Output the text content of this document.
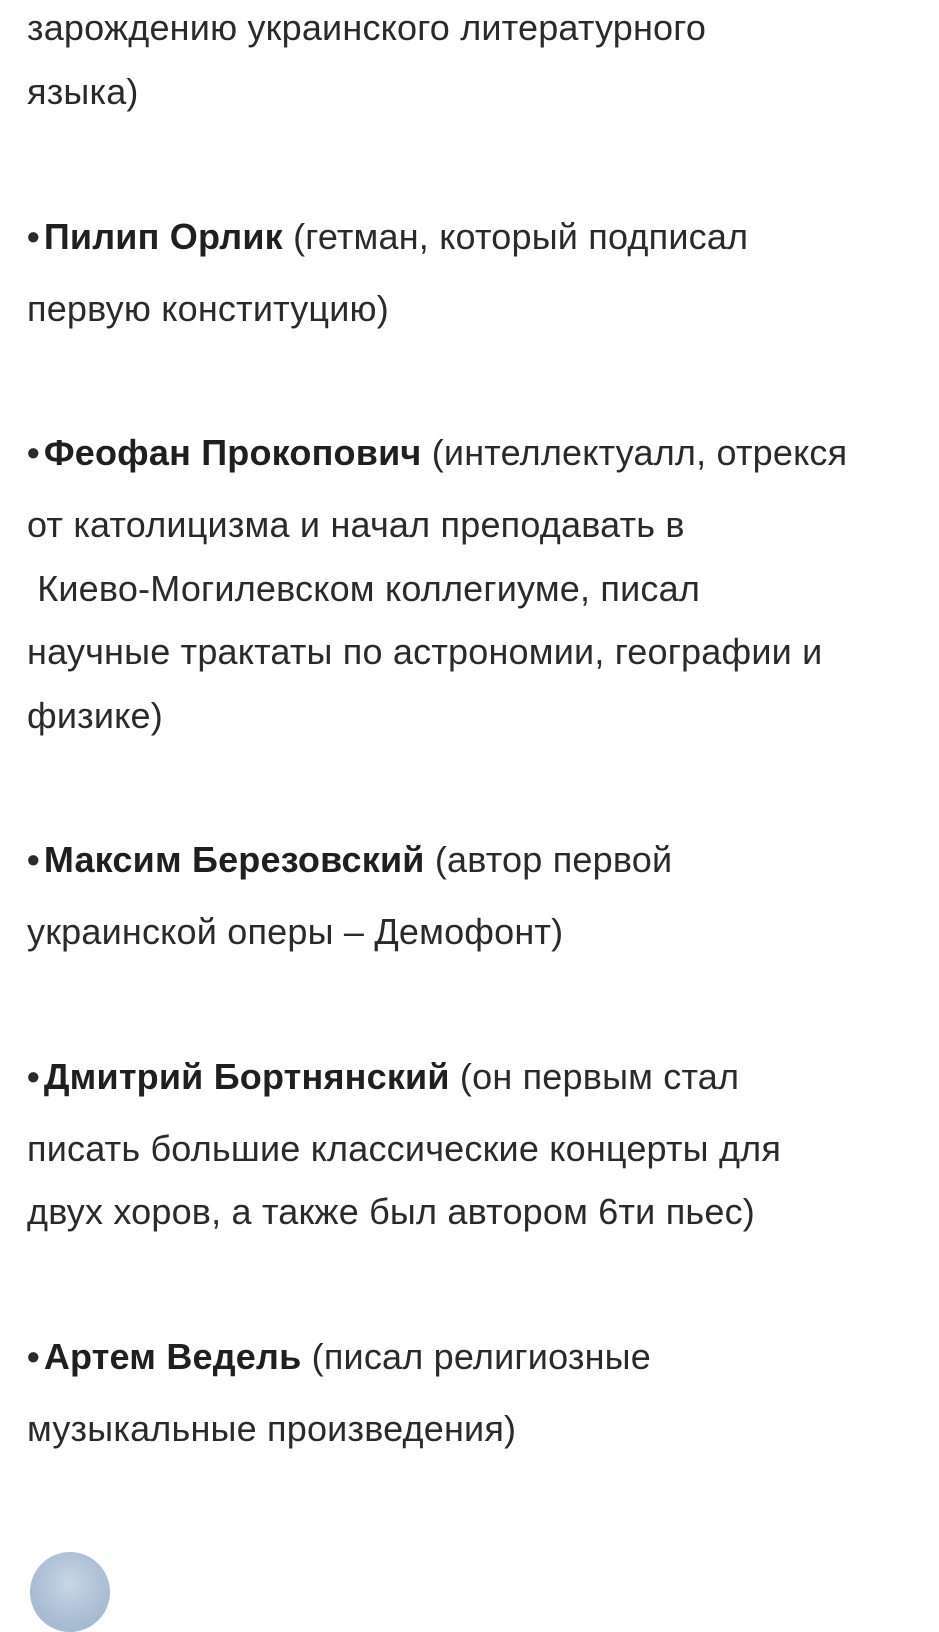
зарождению украинского литературного
языка)
• Пилип Орлик (гетман, который подписал
первую конституцию)
• Феофан Прокопович (интеллектуалл, отрекся
от католицизма и начал преподавать в
Киево-Могилевском коллегиуме, писал
научные трактаты по астрономии, географии и
физике)
• Максим Березовский (автор первой
украинской оперы – Демофонт)
• Дмитрий Бортнянский (он первым стал
писать большие классические концерты для
двух хоров, а также был автором 6ти пьес)
• Артем Ведель (писал религиозные
музыкальные произведения)
